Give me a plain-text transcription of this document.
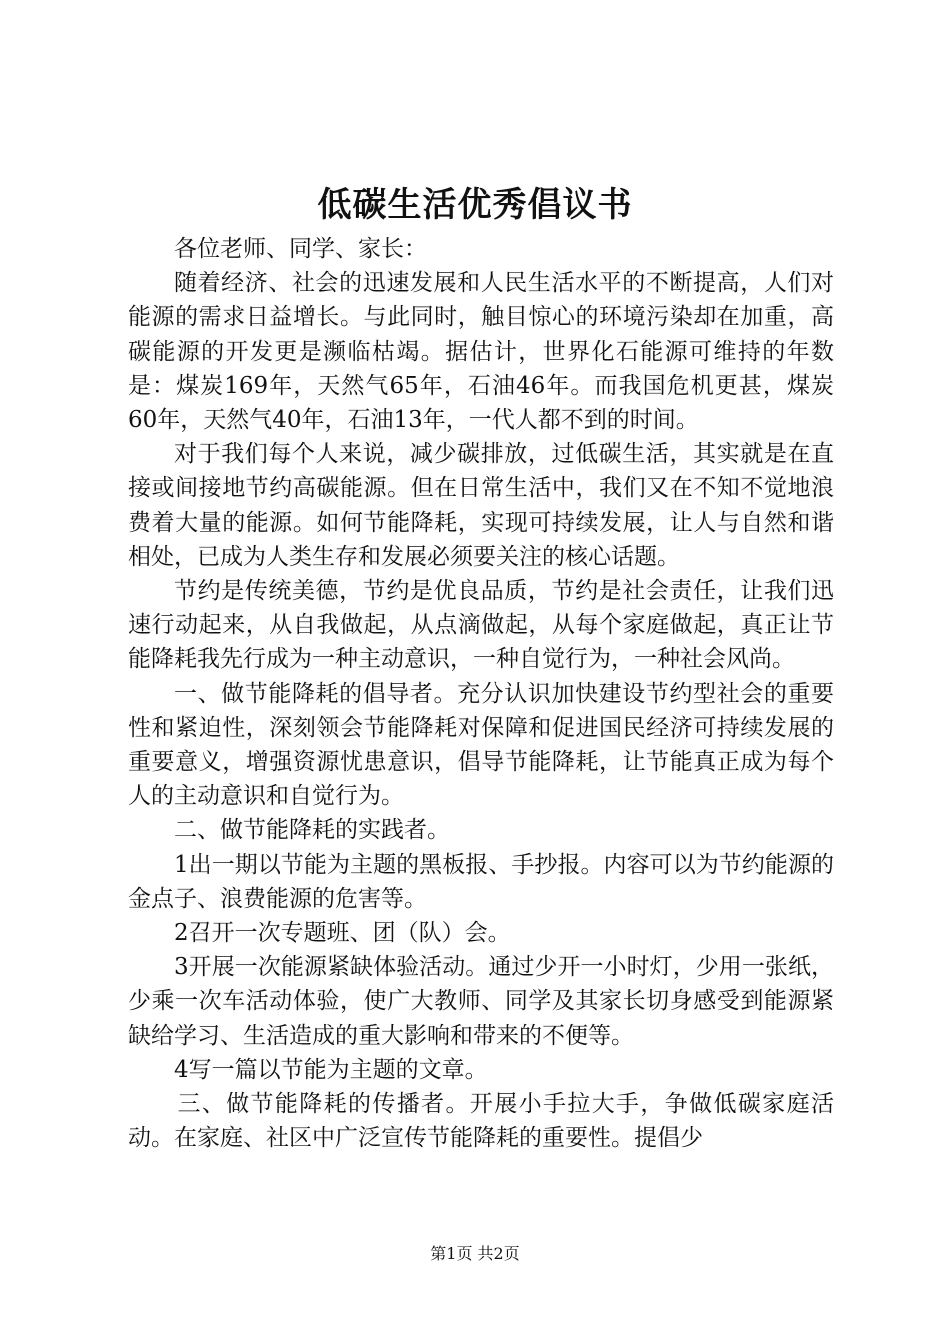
低碳生活优秀倡议书

各位老师、同学、家长：

随着经济、社会的迅速发展和人民生活水平的不断提高，人们对能源的需求日益增长。与此同时，触目惊心的环境污染却在加重，高碳能源的开发更是濒临枯竭。据估计，世界化石能源可维持的年数是：煤炭169年，天然气65年，石油46年。而我国危机更甚，煤炭60年，天然气40年，石油13年，一代人都不到的时间。

对于我们每个人来说，减少碳排放，过低碳生活，其实就是在直接或间接地节约高碳能源。但在日常生活中，我们又在不知不觉地浪费着大量的能源。如何节能降耗，实现可持续发展，让人与自然和谐相处，已成为人类生存和发展必须要关注的核心话题。

节约是传统美德，节约是优良品质，节约是社会责任，让我们迅速行动起来，从自我做起，从点滴做起，从每个家庭做起，真正让节能降耗我先行成为一种主动意识，一种自觉行为，一种社会风尚。

一、做节能降耗的倡导者。充分认识加快建设节约型社会的重要性和紧迫性，深刻领会节能降耗对保障和促进国民经济可持续发展的重要意义，增强资源忧患意识，倡导节能降耗，让节能真正成为每个人的主动意识和自觉行为。

二、做节能降耗的实践者。

1出一期以节能为主题的黑板报、手抄报。内容可以为节约能源的金点子、浪费能源的危害等。

2召开一次专题班、团（队）会。

3开展一次能源紧缺体验活动。通过少开一小时灯，少用一张纸，少乘一次车活动体验，使广大教师、同学及其家长切身感受到能源紧缺给学习、生活造成的重大影响和带来的不便等。

4写一篇以节能为主题的文章。

三、做节能降耗的传播者。开展小手拉大手，争做低碳家庭活动。在家庭、社区中广泛宣传节能降耗的重要性。提倡少

第1页 共2页
